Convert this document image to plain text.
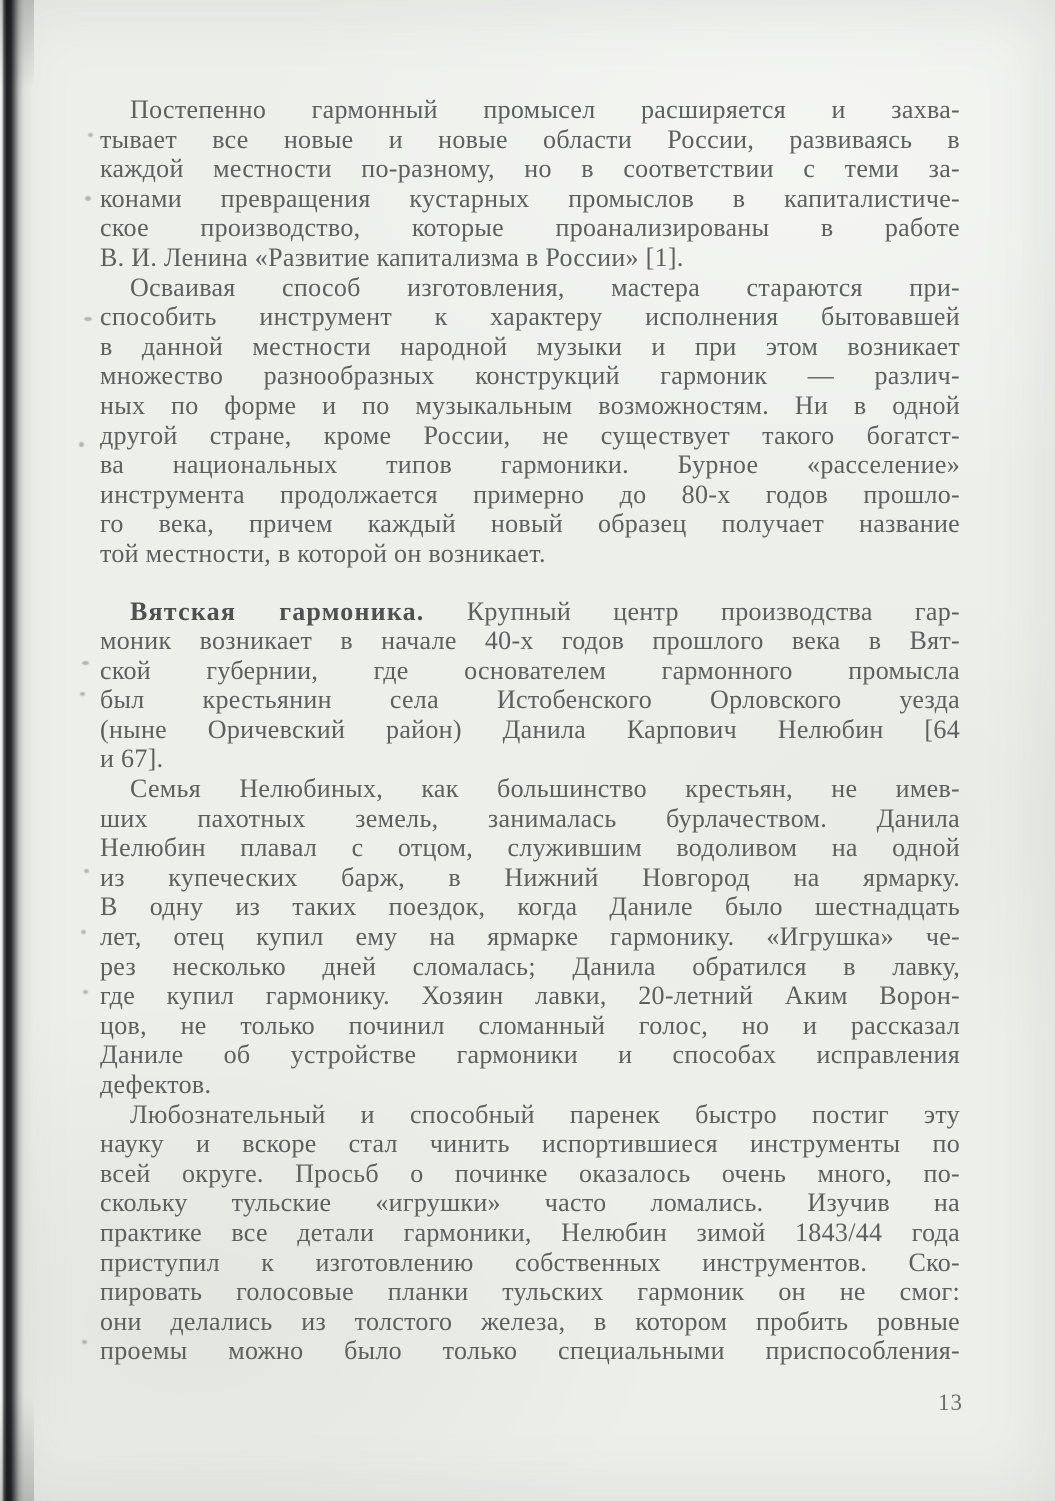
Постепенно гармонный промысел расширяется и захва-
тывает все новые и новые области России, развиваясь в
каждой местности по-разному, но в соответствии с теми за-
конами превращения кустарных промыслов в капиталистиче-
ское производство, которые проанализированы в работе
В. И. Ленина «Развитие капитализма в России» [1].
Осваивая способ изготовления, мастера стараются при-
способить инструмент к характеру исполнения бытовавшей
в данной местности народной музыки и при этом возникает
множество разнообразных конструкций гармоник — различ-
ных по форме и по музыкальным возможностям. Ни в одной
другой стране, кроме России, не существует такого богатст-
ва национальных типов гармоники. Бурное «расселение»
инструмента продолжается примерно до 80-х годов прошло-
го века, причем каждый новый образец получает название
той местности, в которой он возникает.
Вятская гармоника. Крупный центр производства гар-
моник возникает в начале 40-х годов прошлого века в Вят-
ской губернии, где основателем гармонного промысла
был крестьянин села Истобенского Орловского уезда
(ныне Оричевский район) Данила Карпович Нелюбин [64
и 67].
Семья Нелюбиных, как большинство крестьян, не имев-
ших пахотных земель, занималась бурлачеством. Данила
Нелюбин плавал с отцом, служившим водоливом на одной
из купеческих барж, в Нижний Новгород на ярмарку.
В одну из таких поездок, когда Даниле было шестнадцать
лет, отец купил ему на ярмарке гармонику. «Игрушка» че-
рез несколько дней сломалась; Данила обратился в лавку,
где купил гармонику. Хозяин лавки, 20-летний Аким Ворон-
цов, не только починил сломанный голос, но и рассказал
Даниле об устройстве гармоники и способах исправления
дефектов.
Любознательный и способный паренек быстро постиг эту
науку и вскоре стал чинить испортившиеся инструменты по
всей округе. Просьб о починке оказалось очень много, по-
скольку тульские «игрушки» часто ломались. Изучив на
практике все детали гармоники, Нелюбин зимой 1843/44 года
приступил к изготовлению собственных инструментов. Ско-
пировать голосовые планки тульских гармоник он не смог:
они делались из толстого железа, в котором пробить ровные
проемы можно было только специальными приспособления-
13
